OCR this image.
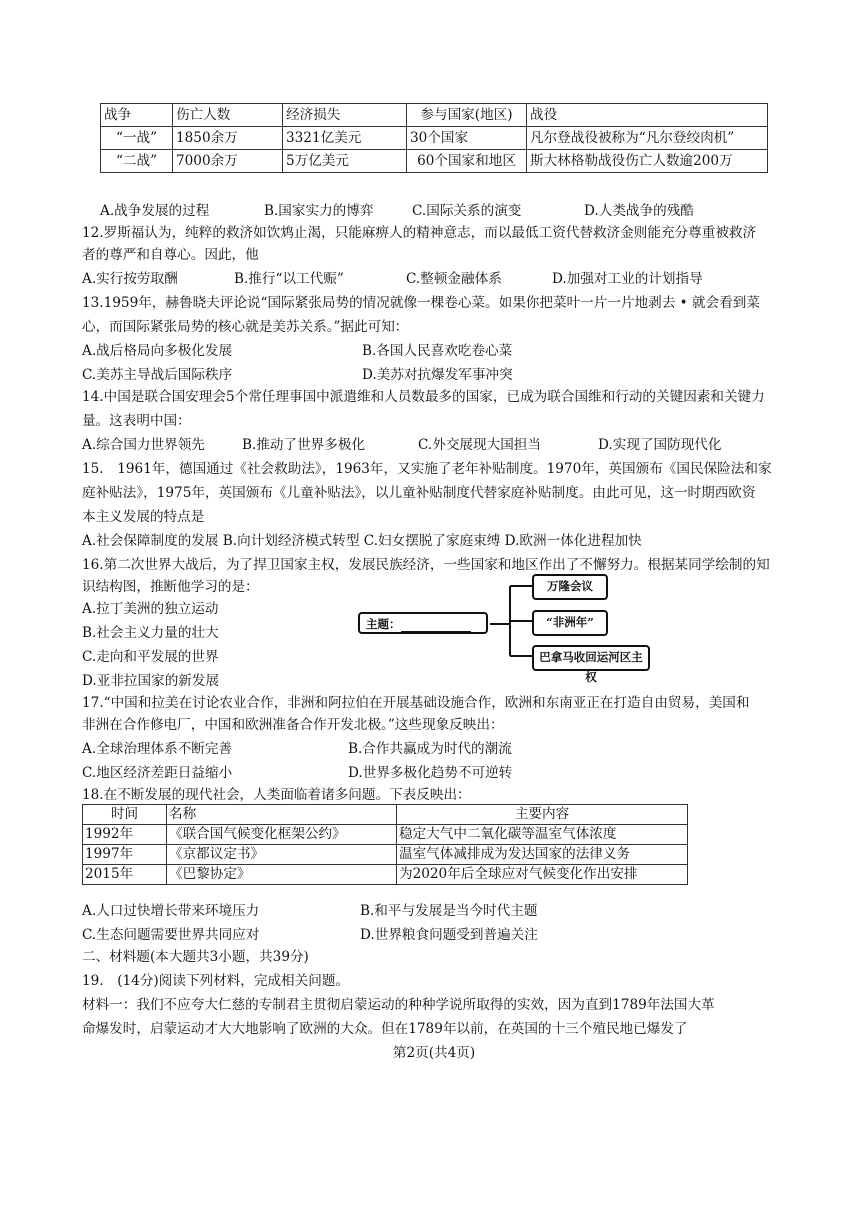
战争	伤亡人数	经济损失	参与国家(地区)	战役
“一战”	1850余万	3321亿美元	30个国家	凡尔登战役被称为“凡尔登绞肉机”
“二战”	7000余万	5万亿美元	60个国家和地区	斯大林格勒战役伤亡人数逾200万
A.战争发展的过程	B.国家实力的博弈	C.国际关系的演变	D.人类战争的残酷
12.罗斯福认为，纯粹的救济如饮鸩止渴，只能麻痹人的精神意志，而以最低工资代替救济金则能充分尊重被救济
者的尊严和自尊心。因此，他
A.实行按劳取酬	B.推行“以工代赈”	C.整顿金融体系	D.加强对工业的计划指导
13.1959年，赫鲁晓夫评论说“国际紧张局势的情况就像一棵卷心菜。如果你把菜叶一片一片地剥去 • 就会看到菜
心，而国际紧张局势的核心就是美苏关系。”据此可知：
A.战后格局向多极化发展	B.各国人民喜欢吃卷心菜
C.美苏主导战后国际秩序	D.美苏对抗爆发军事冲突
14.中国是联合国安理会5个常任理事国中派遣维和人员数最多的国家，已成为联合国维和行动的关键因素和关键力
量。这表明中国：
A.综合国力世界领先	B.推动了世界多极化	C.外交展现大国担当	D.实现了国防现代化
15.　1961年，德国通过《社会救助法》，1963年，又实施了老年补贴制度。1970年，英国颁布《国民保险法和家
庭补贴法》，1975年，英国颁布《儿童补贴法》，以儿童补贴制度代替家庭补贴制度。由此可见，这一时期西欧资
本主义发展的特点是
A.社会保障制度的发展 B.向计划经济模式转型 C.妇女摆脱了家庭束缚 D.欧洲一体化进程加快
16.第二次世界大战后，为了捍卫国家主权，发展民族经济，一些国家和地区作出了不懈努力。根据某同学绘制的知
识结构图，推断他学习的是：
A.拉丁美洲的独立运动
B.社会主义力量的壮大
C.走向和平发展的世界
D.亚非拉国家的新发展
主题：
万隆会议
“非洲年”
巴拿马收回运河区主权
17.“中国和拉美在讨论农业合作，非洲和阿拉伯在开展基础设施合作，欧洲和东南亚正在打造自由贸易，美国和
非洲在合作修电厂，中国和欧洲准备合作开发北极。”这些现象反映出：
A.全球治理体系不断完善	B.合作共赢成为时代的潮流
C.地区经济差距日益缩小	D.世界多极化趋势不可逆转
18.在不断发展的现代社会，人类面临着诸多问题。下表反映出：
时间	名称	主要内容
1992年	《联合国气候变化框架公约》	稳定大气中二氧化碳等温室气体浓度
1997年	《京都议定书》	温室气体减排成为发达国家的法律义务
2015年	《巴黎协定》	为2020年后全球应对气候变化作出安排
A.人口过快增长带来环境压力	B.和平与发展是当今时代主题
C.生态问题需要世界共同应对	D.世界粮食问题受到普遍关注
二、材料题(本大题共3小题，共39分)
19.　(14分)阅读下列材料，完成相关问题。
材料一：我们不应夸大仁慈的专制君主贯彻启蒙运动的种种学说所取得的实效，因为直到1789年法国大革
命爆发时，启蒙运动才大大地影响了欧洲的大众。但在1789年以前，在英国的十三个殖民地已爆发了
第2页(共4页)
